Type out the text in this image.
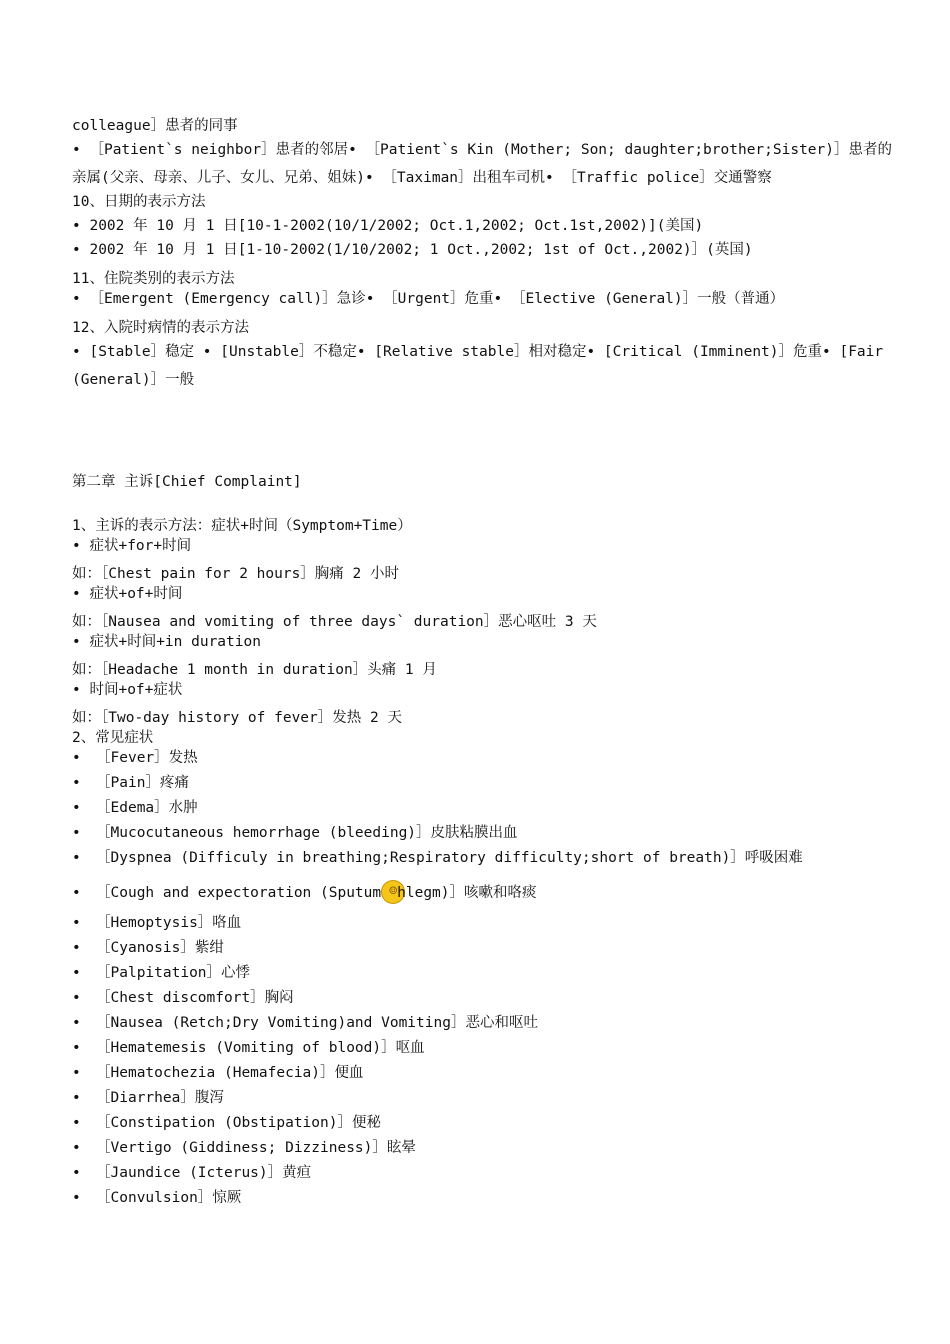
colleague］患者的同事
• ［Patient`s neighbor］患者的邻居• ［Patient`s Kin (Mother; Son; daughter;brother;Sister)］患者的亲属(父亲、母亲、儿子、女儿、兄弟、姐妹)• ［Taximan］出租车司机• ［Traffic police］交通警察
10、日期的表示方法
• 2002 年 10 月 1 日[10-1-2002(10/1/2002; Oct.1,2002; Oct.1st,2002)](美国)
• 2002 年 10 月 1 日[1-10-2002(1/10/2002; 1 Oct.,2002; 1st of Oct.,2002)］(英国)
11、住院类别的表示方法
• ［Emergent (Emergency call)］急诊• ［Urgent］危重• ［Elective (General)］一般（普通）
12、入院时病情的表示方法
• [Stable］稳定 • [Unstable］不稳定• [Relative stable］相对稳定• [Critical (Imminent)］危重• [Fair (General)］一般
第二章 主诉[Chief Complaint]
1、主诉的表示方法：症状+时间（Symptom+Time）
• 症状+for+时间
如：［Chest pain for 2 hours］胸痛 2 小时
• 症状+of+时间
如：［Nausea and vomiting of three days` duration］恶心呕吐 3 天
• 症状+时间+in duration
如：［Headache 1 month in duration］头痛 1 月
• 时间+of+症状
如：［Two-day history of fever］发热 2 天
2、常见症状
•	［Fever］发热
•	［Pain］疼痛
•	［Edema］水肿
•	［Mucocutaneous hemorrhage (bleeding)］皮肤粘膜出血
•	［Dyspnea (Difficuly in breathing;Respiratory difficulty;short of breath)］呼吸困难
•	［Cough and expectoration (Sputum ☺hlegm)］咳嗽和咯痰
•	［Hemoptysis］咯血
•	［Cyanosis］紫绀
•	［Palpitation］心悸
•	［Chest discomfort］胸闷
•	［Nausea (Retch;Dry Vomiting)and Vomiting］恶心和呕吐
•	［Hematemesis (Vomiting of blood)］呕血
•	［Hematochezia (Hemafecia)］便血
•	［Diarrhea］腹泻
•	［Constipation (Obstipation)］便秘
•	［Vertigo (Giddiness; Dizziness)］眩晕
•	［Jaundice (Icterus)］黄疸
•	［Convulsion］惊厥
